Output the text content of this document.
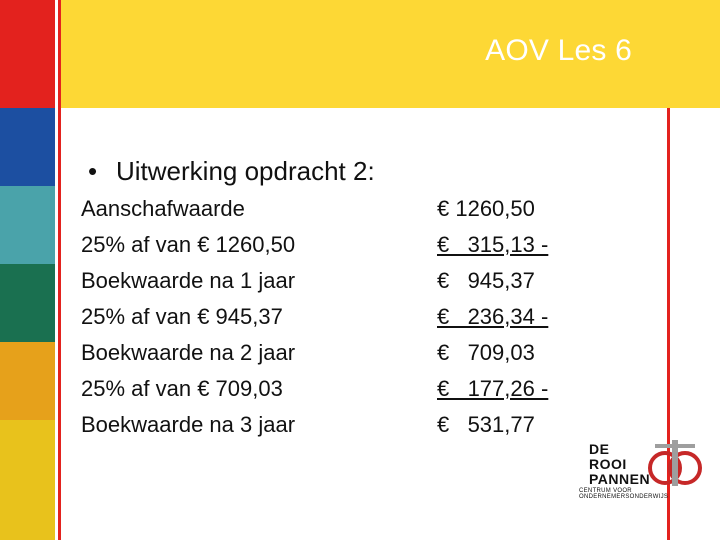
AOV Les 6
• Uitwerking opdracht 2:
Aanschafwaarde	€ 1260,50
25% af van € 1260,50	€   315,13 -
Boekwaarde na 1 jaar	€   945,37
25% af van € 945,37	€   236,34 -
Boekwaarde na 2 jaar	€   709,03
25% af van € 709,03	€   177,26 -
Boekwaarde na 3 jaar	€   531,77
DE
ROOI
PANNEN
CENTRUM VOOR ONDERNEMERSONDERWIJS
